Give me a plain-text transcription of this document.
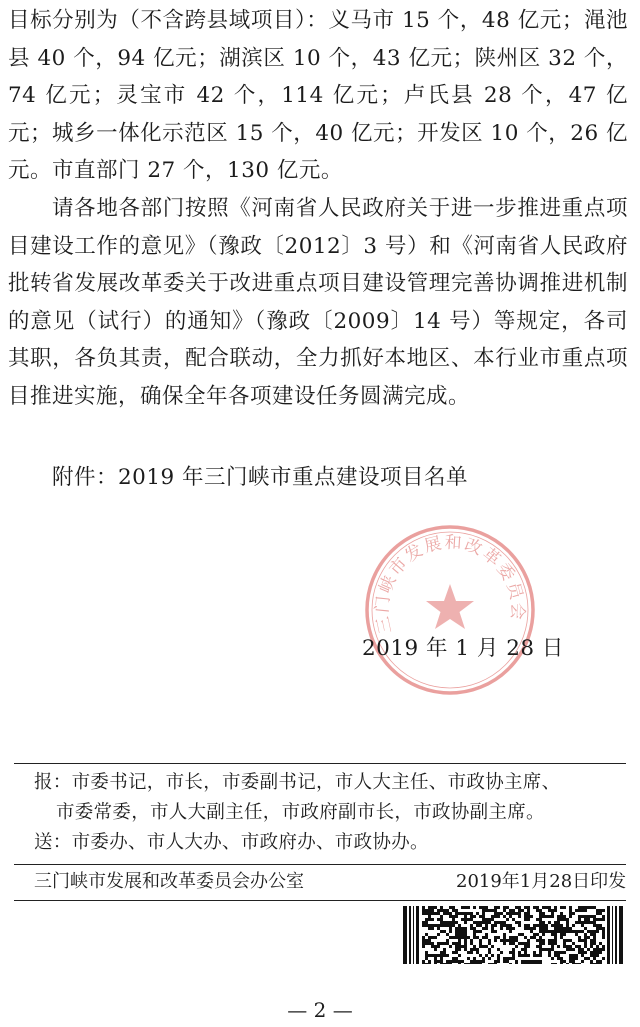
目标分别为（不含跨县域项目）：义马市 15 个，48 亿元；渑池县 40 个，94 亿元；湖滨区 10 个，43 亿元；陕州区 32 个，74 亿元；灵宝市 42 个，114 亿元；卢氏县 28 个，47 亿元；城乡一体化示范区 15 个，40 亿元；开发区 10 个，26 亿元。市直部门 27 个，130 亿元。

请各地各部门按照《河南省人民政府关于进一步推进重点项目建设工作的意见》（豫政〔2012〕3 号）和《河南省人民政府批转省发展改革委关于改进重点项目建设管理完善协调推进机制的意见（试行）的通知》（豫政〔2009〕14 号）等规定，各司其职，各负其责，配合联动，全力抓好本地区、本行业市重点项目推进实施，确保全年各项建设任务圆满完成。

附件：2019 年三门峡市重点建设项目名单
三门峡市发展和改革委员会
2019 年 1 月 28 日
报：市委书记，市长，市委副书记，市人大主任、市政协主席、
市委常委，市人大副主任，市政府副市长，市政协副主席。
送：市委办、市人大办、市政府办、市政协办。
三门峡市发展和改革委员会办公室	2019年1月28日印发
— 2 —
